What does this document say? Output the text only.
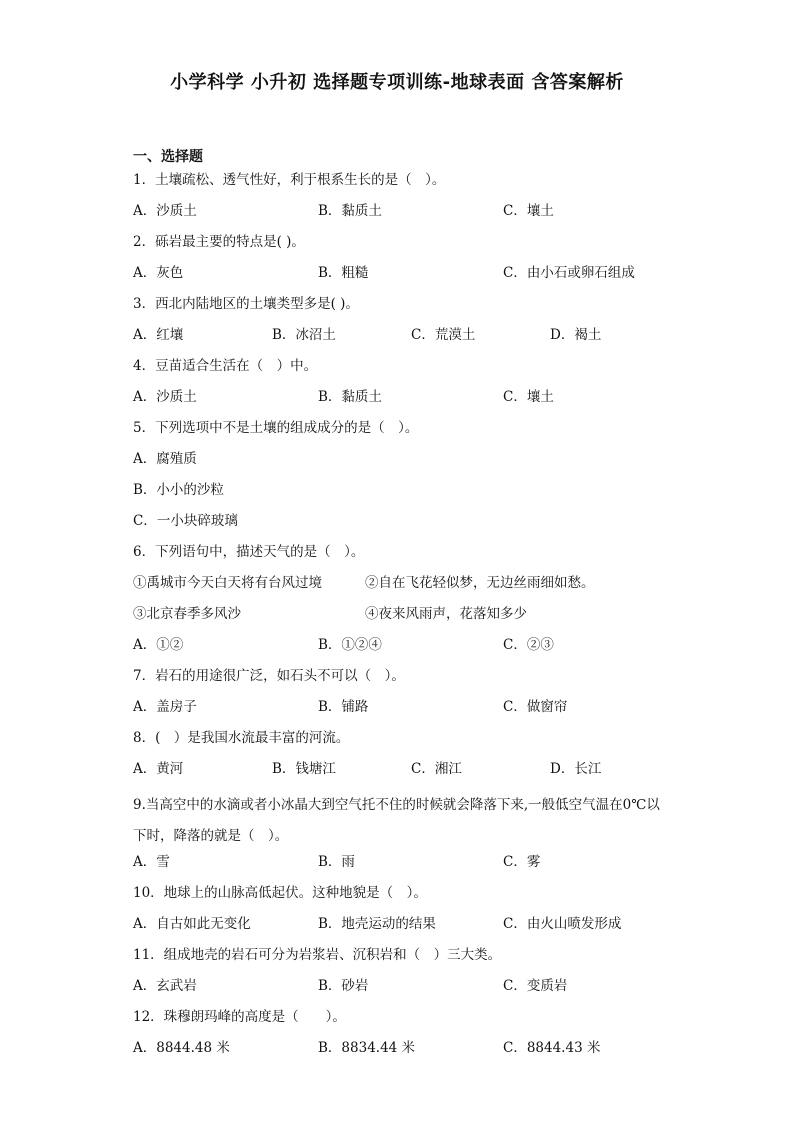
小学科学 小升初 选择题专项训练-地球表面 含答案解析
一、选择题
1．土壤疏松、透气性好，利于根系生长的是（　）。
A．沙质土	B．黏质土	C．壤土
2．砾岩最主要的特点是( )。
A．灰色	B．粗糙	C．由小石或卵石组成
3．西北内陆地区的土壤类型多是( )。
A．红壤	B．冰沼土	C．荒漠土	D．褐土
4．豆苗适合生活在（　）中。
A．沙质土	B．黏质土	C．壤土
5．下列选项中不是土壤的组成成分的是（　）。
A．腐殖质
B．小小的沙粒
C．一小块碎玻璃
6．下列语句中，描述天气的是（　）。
①禹城市今天白天将有台风过境	②自在飞花轻似梦，无边丝雨细如愁。
③北京春季多风沙	④夜来风雨声，花落知多少
A．①②	B．①②④	C．②③
7．岩石的用途很广泛，如石头不可以（　）。
A．盖房子	B．铺路	C．做窗帘
8．(　）是我国水流最丰富的河流。
A．黄河	B．钱塘江	C．湘江	D．长江
9.当高空中的水滴或者小冰晶大到空气托不住的时候就会降落下来,一般低空气温在0℃以下时，降落的就是（　）。
A．雪	B．雨	C．雾
10．地球上的山脉高低起伏。这种地貌是（　）。
A．自古如此无变化	B．地壳运动的结果	C．由火山喷发形成
11．组成地壳的岩石可分为岩浆岩、沉积岩和（　）三大类。
A．玄武岩	B．砂岩	C．变质岩
12．珠穆朗玛峰的高度是（　　）。
A．8844.48 米	B．8834.44 米	C．8844.43 米
